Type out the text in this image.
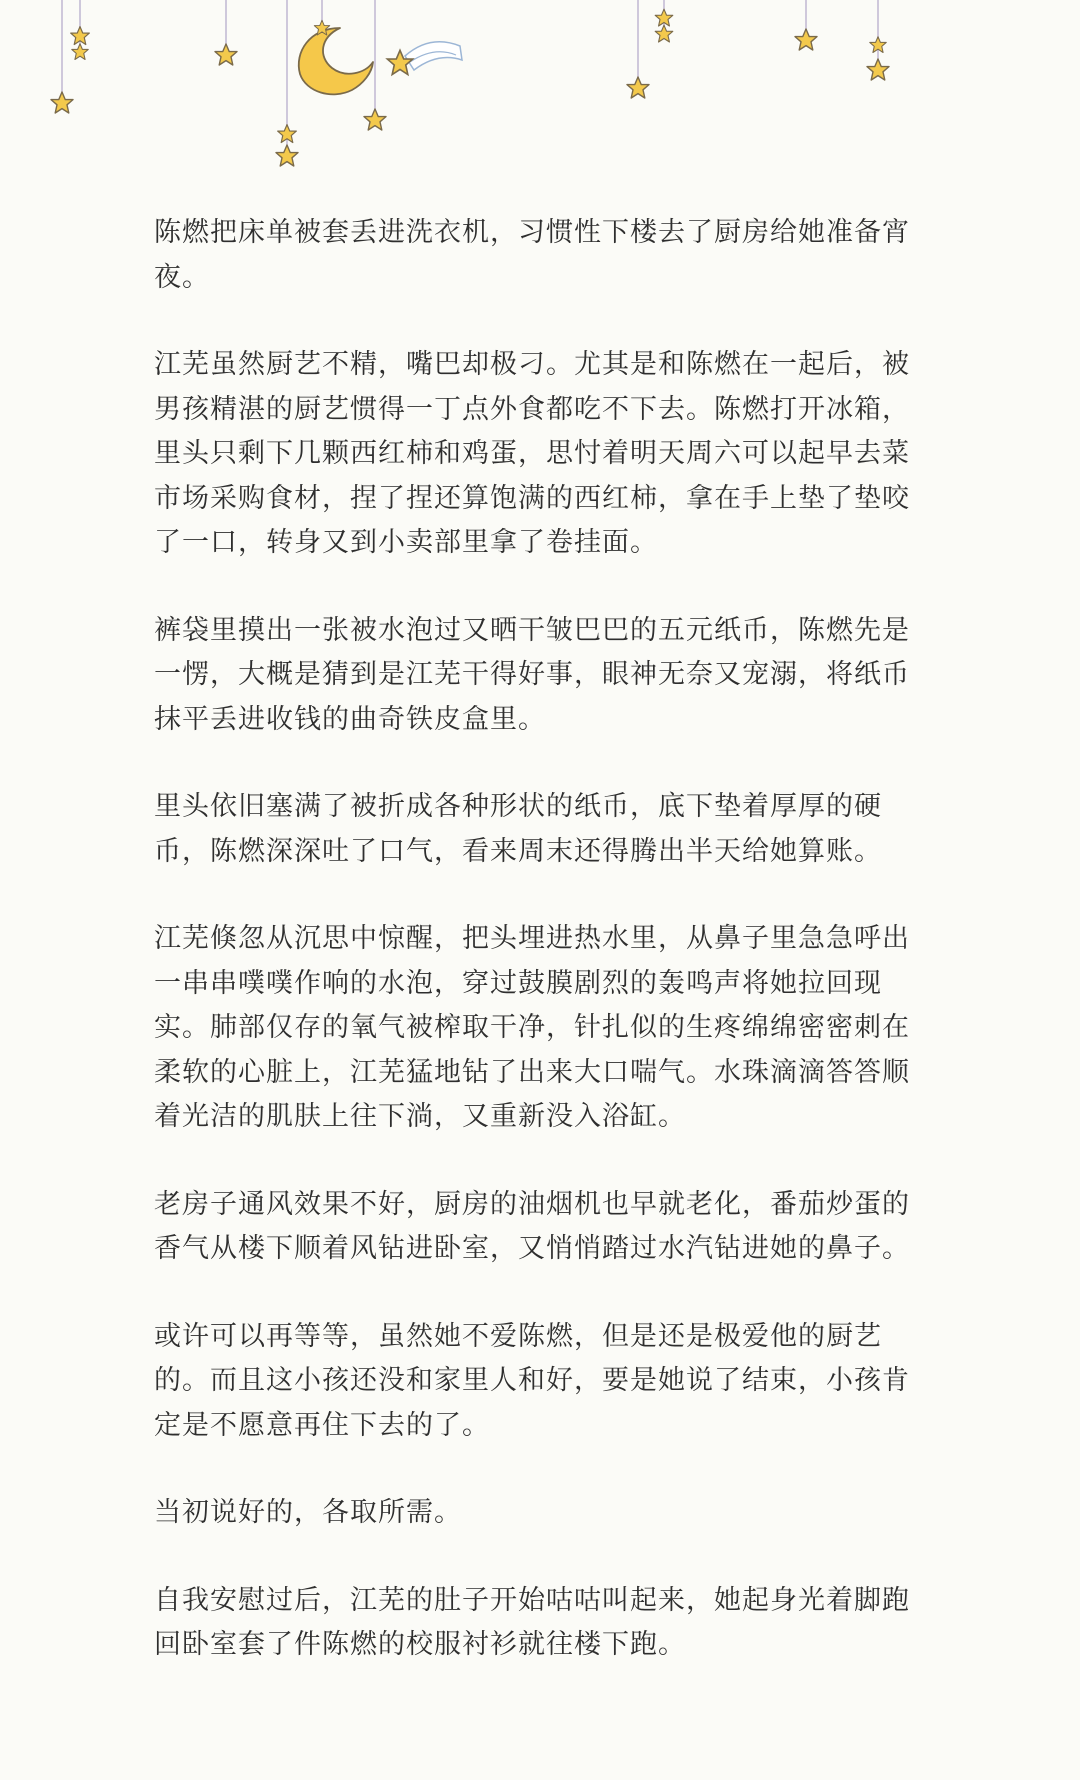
陈燃把床单被套丢进洗衣机，习惯性下楼去了厨房给她准备宵夜。

江芜虽然厨艺不精，嘴巴却极刁。尤其是和陈燃在一起后，被男孩精湛的厨艺惯得一丁点外食都吃不下去。陈燃打开冰箱，里头只剩下几颗西红柿和鸡蛋，思忖着明天周六可以起早去菜市场采购食材，捏了捏还算饱满的西红柿，拿在手上垫了垫咬了一口，转身又到小卖部里拿了卷挂面。

裤袋里摸出一张被水泡过又晒干皱巴巴的五元纸币，陈燃先是一愣，大概是猜到是江芜干得好事，眼神无奈又宠溺，将纸币抹平丢进收钱的曲奇铁皮盒里。

里头依旧塞满了被折成各种形状的纸币，底下垫着厚厚的硬币，陈燃深深吐了口气，看来周末还得腾出半天给她算账。

江芜倏忽从沉思中惊醒，把头埋进热水里，从鼻子里急急呼出一串串噗噗作响的水泡，穿过鼓膜剧烈的轰鸣声将她拉回现实。肺部仅存的氧气被榨取干净，针扎似的生疼绵绵密密刺在柔软的心脏上，江芜猛地钻了出来大口喘气。水珠滴滴答答顺着光洁的肌肤上往下淌，又重新没入浴缸。

老房子通风效果不好，厨房的油烟机也早就老化，番茄炒蛋的香气从楼下顺着风钻进卧室，又悄悄踏过水汽钻进她的鼻子。

或许可以再等等，虽然她不爱陈燃，但是还是极爱他的厨艺的。而且这小孩还没和家里人和好，要是她说了结束，小孩肯定是不愿意再住下去的了。

当初说好的，各取所需。

自我安慰过后，江芜的肚子开始咕咕叫起来，她起身光着脚跑回卧室套了件陈燃的校服衬衫就往楼下跑。
